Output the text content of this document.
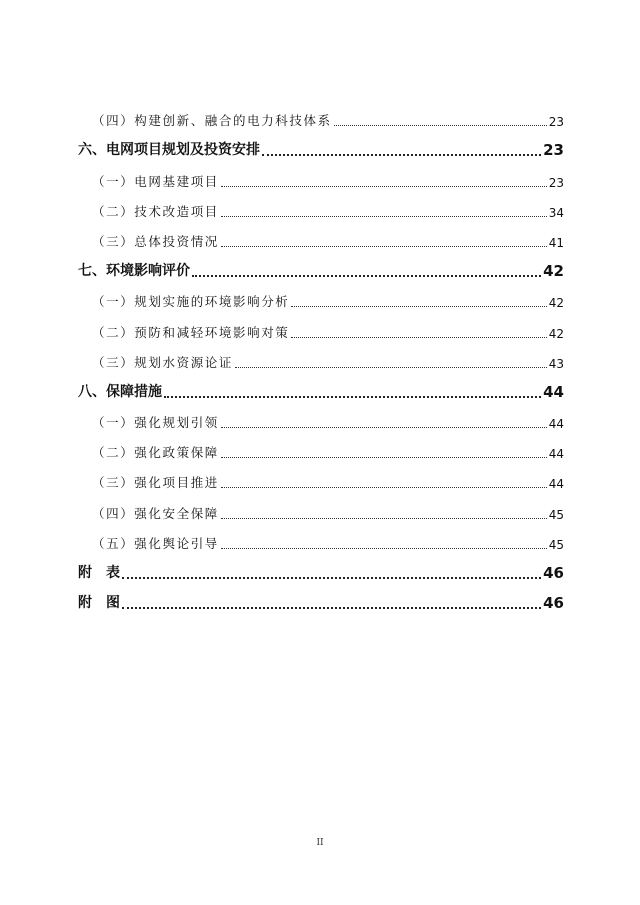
（四）构建创新、融合的电力科技体系	23
六、电网项目规划及投资安排	23
（一）电网基建项目	23
（二）技术改造项目	34
（三）总体投资情况	41
七、环境影响评价	42
（一）规划实施的环境影响分析	42
（二）预防和减轻环境影响对策	42
（三）规划水资源论证	43
八、保障措施	44
（一）强化规划引领	44
（二）强化政策保障	44
（三）强化项目推进	44
（四）强化安全保障	45
（五）强化舆论引导	45
附　表	46
附　图	46
II
